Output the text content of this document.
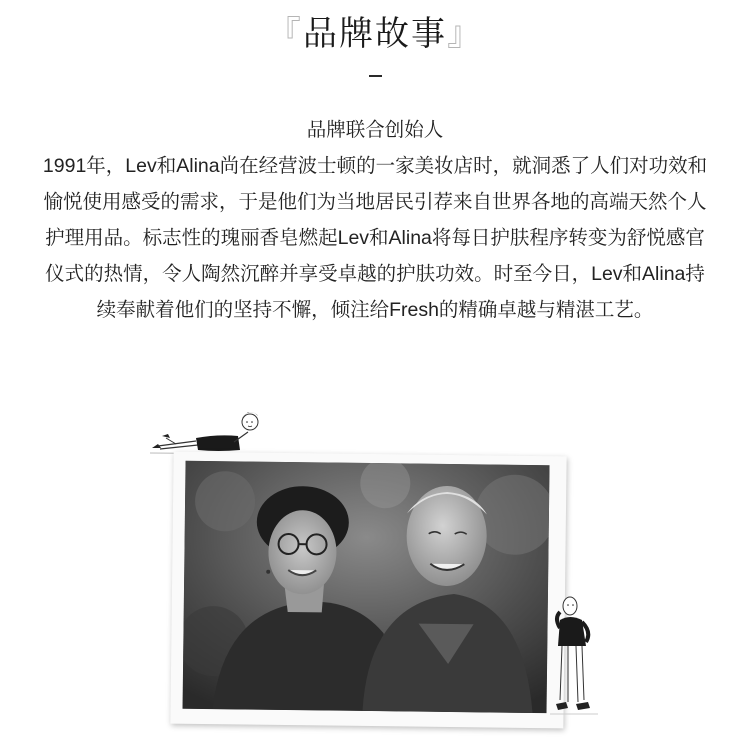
『品牌故事』

品牌联合创始人

1991年，Lev和Alina尚在经营波士顿的一家美妆店时，就洞悉了人们对功效和愉悦使用感受的需求，于是他们为当地居民引荐来自世界各地的高端天然个人护理用品。标志性的瑰丽香皂燃起Lev和Alina将每日护肤程序转变为舒悦感官仪式的热情，令人陶然沉醉并享受卓越的护肤功效。时至今日，Lev和Alina持续奉献着他们的坚持不懈，倾注给Fresh的精确卓越与精湛工艺。
